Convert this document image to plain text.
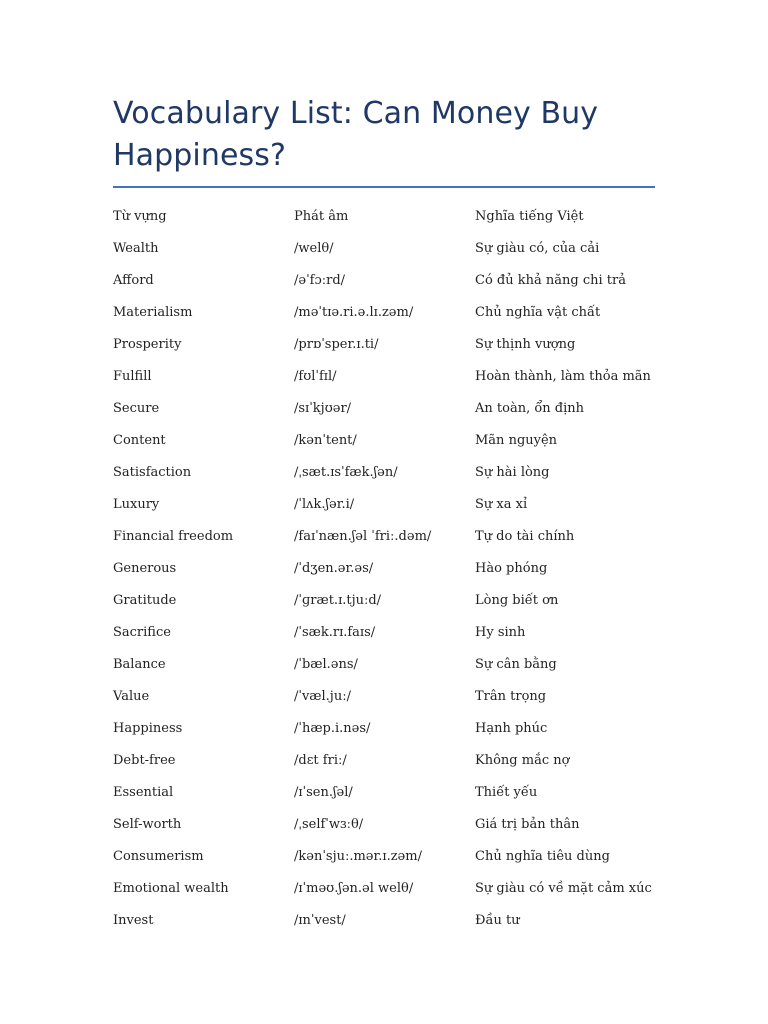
Vocabulary List: Can Money Buy Happiness?
Từ vựng	Phát âm	Nghĩa tiếng Việt
Wealth	/welθ/	Sự giàu có, của cải
Afford	/əˈfɔːrd/	Có đủ khả năng chi trả
Materialism	/məˈtɪə.ri.ə.lɪ.zəm/	Chủ nghĩa vật chất
Prosperity	/prɒˈsper.ɪ.ti/	Sự thịnh vượng
Fulfill	/fʊlˈfɪl/	Hoàn thành, làm thỏa mãn
Secure	/sɪˈkjʊər/	An toàn, ổn định
Content	/kənˈtent/	Mãn nguyện
Satisfaction	/ˌsæt.ɪsˈfæk.ʃən/	Sự hài lòng
Luxury	/ˈlʌk.ʃər.i/	Sự xa xỉ
Financial freedom	/faɪˈnæn.ʃəl ˈfriː.dəm/	Tự do tài chính
Generous	/ˈdʒen.ər.əs/	Hào phóng
Gratitude	/ˈɡræt.ɪ.tjuːd/	Lòng biết ơn
Sacrifice	/ˈsæk.rɪ.faɪs/	Hy sinh
Balance	/ˈbæl.əns/	Sự cân bằng
Value	/ˈvæl.juː/	Trân trọng
Happiness	/ˈhæp.i.nəs/	Hạnh phúc
Debt-free	/dɛt friː/	Không mắc nợ
Essential	/ɪˈsen.ʃəl/	Thiết yếu
Self-worth	/ˌselfˈwɜːθ/	Giá trị bản thân
Consumerism	/kənˈsjuː.mər.ɪ.zəm/	Chủ nghĩa tiêu dùng
Emotional wealth	/ɪˈməʊ.ʃən.əl welθ/	Sự giàu có về mặt cảm xúc
Invest	/ɪnˈvest/	Đầu tư
